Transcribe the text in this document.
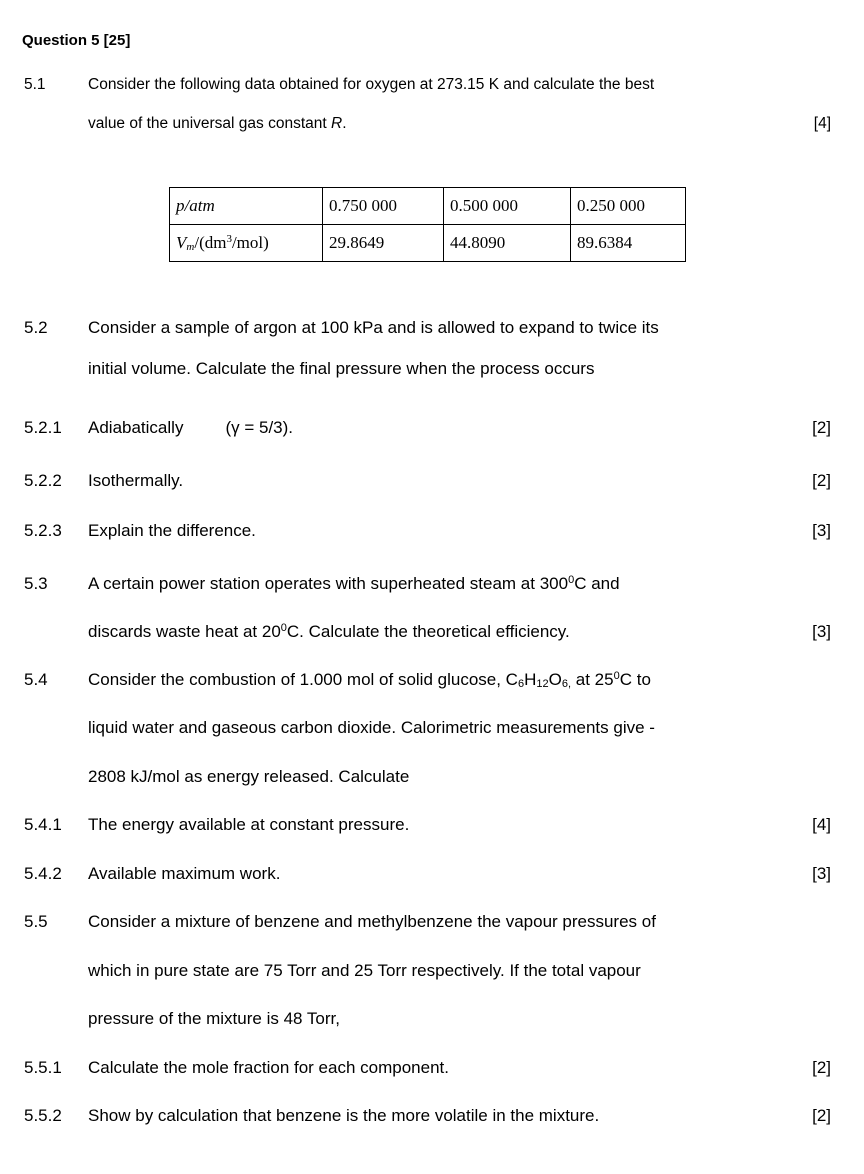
Question 5 [25]
5.1	Consider the following data obtained for oxygen at 273.15 K and calculate the best
value of the universal gas constant R.	[4]
p/atm	0.750 000	0.500 000	0.250 000
$V_m/(dm^3/mol)$	29.8649	44.8090	89.6384
5.2 Consider a sample of argon at 100 kPa and is allowed to expand to twice its
initial volume. Calculate the final pressure when the process occurs
5.2.1 Adiabatically (γ = 5/3).	[2]
5.2.2 Isothermally.	[2]
5.2.3 Explain the difference.	[3]
5.3 A certain power station operates with superheated steam at $300^0C$ and
discards waste heat at $20^0C$. Calculate the theoretical efficiency.	[3]
5.4 Consider the combustion of 1.000 mol of solid glucose, $C_6H_{12}O_{6,}$ at $25^0C$ to
liquid water and gaseous carbon dioxide. Calorimetric measurements give -
2808 kJ/mol as energy released. Calculate
5.4.1 The energy available at constant pressure.	[4]
5.4.2 Available maximum work.	[3]
5.5 Consider a mixture of benzene and methylbenzene the vapour pressures of
which in pure state are 75 Torr and 25 Torr respectively. If the total vapour
pressure of the mixture is 48 Torr,
5.5.1 Calculate the mole fraction for each component.	[2]
5.5.2 Show by calculation that benzene is the more volatile in the mixture.	[2]
